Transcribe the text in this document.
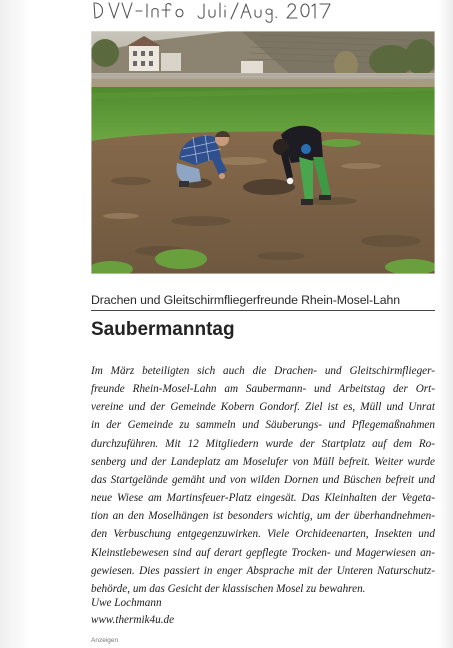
Drachen und Gleitschirmfliegerfreunde Rhein-Mosel-Lahn
Saubermanntag
Im März beteiligten sich auch die Drachen- und Gleitschirmflieger-
freunde Rhein-Mosel-Lahn am Saubermann- und Arbeitstag der Ort-
vereine und der Gemeinde Kobern Gondorf. Ziel ist es, Müll und Unrat
in der Gemeinde zu sammeln und Säuberungs- und Pflegemaßnahmen
durchzuführen. Mit 12 Mitgliedern wurde der Startplatz auf dem Ro-
senberg und der Landeplatz am Moselufer von Müll befreit. Weiter wurde
das Startgelände gemäht und von wilden Dornen und Büschen befreit und
neue Wiese am Martinsfeuer-Platz eingesät. Das Kleinhalten der Vegeta-
tion an den Moselhängen ist besonders wichtig, um der überhandnehmen-
den Verbuschung entgegenzuwirken. Viele Orchideenarten, Insekten und
Kleinstlebewesen sind auf derart gepflegte Trocken- und Magerwiesen an-
gewiesen. Dies passiert in enger Absprache mit der Unteren Naturschutz-
behörde, um das Gesicht der klassischen Mosel zu bewahren.
Uwe Lochmann
www.thermik4u.de
Anzeigen
